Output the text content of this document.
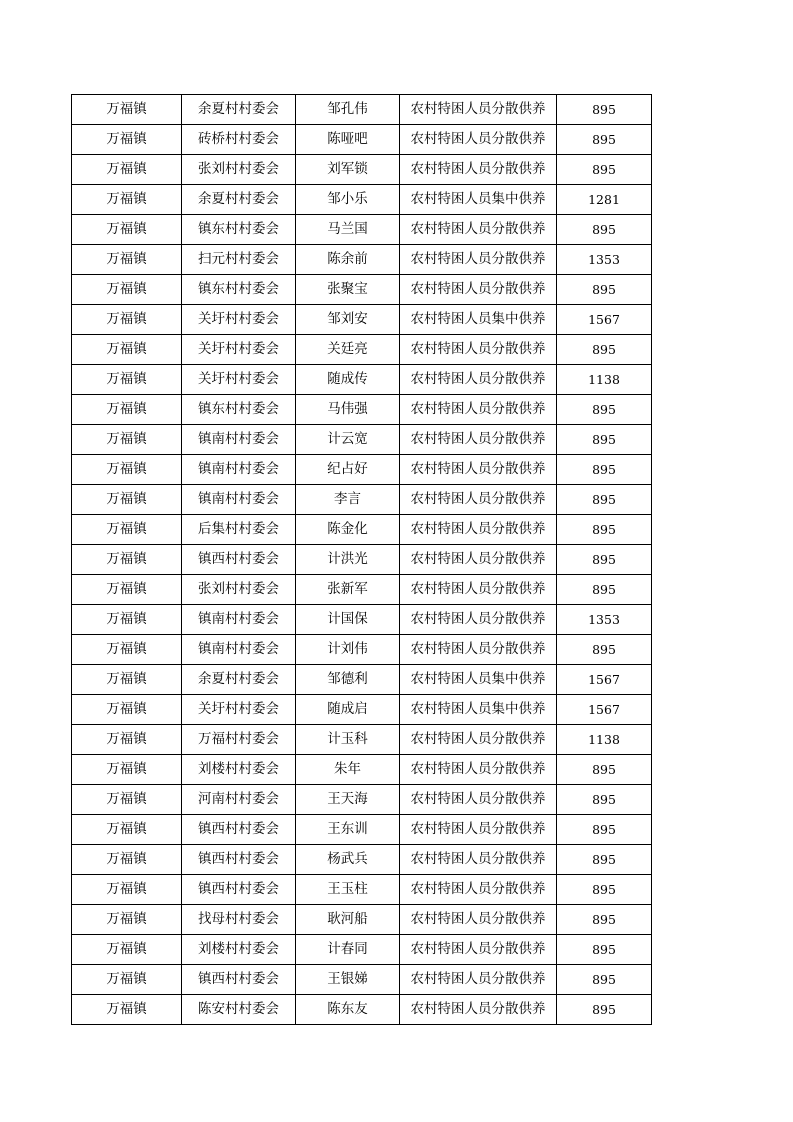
万福镇	余夏村村委会	邹孔伟	农村特困人员分散供养	895
万福镇	砖桥村村委会	陈哑吧	农村特困人员分散供养	895
万福镇	张刘村村委会	刘军锁	农村特困人员分散供养	895
万福镇	余夏村村委会	邹小乐	农村特困人员集中供养	1281
万福镇	镇东村村委会	马兰国	农村特困人员分散供养	895
万福镇	扫元村村委会	陈余前	农村特困人员分散供养	1353
万福镇	镇东村村委会	张聚宝	农村特困人员分散供养	895
万福镇	关圩村村委会	邹刘安	农村特困人员集中供养	1567
万福镇	关圩村村委会	关廷亮	农村特困人员分散供养	895
万福镇	关圩村村委会	随成传	农村特困人员分散供养	1138
万福镇	镇东村村委会	马伟强	农村特困人员分散供养	895
万福镇	镇南村村委会	计云宽	农村特困人员分散供养	895
万福镇	镇南村村委会	纪占好	农村特困人员分散供养	895
万福镇	镇南村村委会	李言	农村特困人员分散供养	895
万福镇	后集村村委会	陈金化	农村特困人员分散供养	895
万福镇	镇西村村委会	计洪光	农村特困人员分散供养	895
万福镇	张刘村村委会	张新军	农村特困人员分散供养	895
万福镇	镇南村村委会	计国保	农村特困人员分散供养	1353
万福镇	镇南村村委会	计刘伟	农村特困人员分散供养	895
万福镇	余夏村村委会	邹德利	农村特困人员集中供养	1567
万福镇	关圩村村委会	随成启	农村特困人员集中供养	1567
万福镇	万福村村委会	计玉科	农村特困人员分散供养	1138
万福镇	刘楼村村委会	朱年	农村特困人员分散供养	895
万福镇	河南村村委会	王天海	农村特困人员分散供养	895
万福镇	镇西村村委会	王东训	农村特困人员分散供养	895
万福镇	镇西村村委会	杨武兵	农村特困人员分散供养	895
万福镇	镇西村村委会	王玉柱	农村特困人员分散供养	895
万福镇	找母村村委会	耿河船	农村特困人员分散供养	895
万福镇	刘楼村村委会	计春同	农村特困人员分散供养	895
万福镇	镇西村村委会	王银娣	农村特困人员分散供养	895
万福镇	陈安村村委会	陈东友	农村特困人员分散供养	895
